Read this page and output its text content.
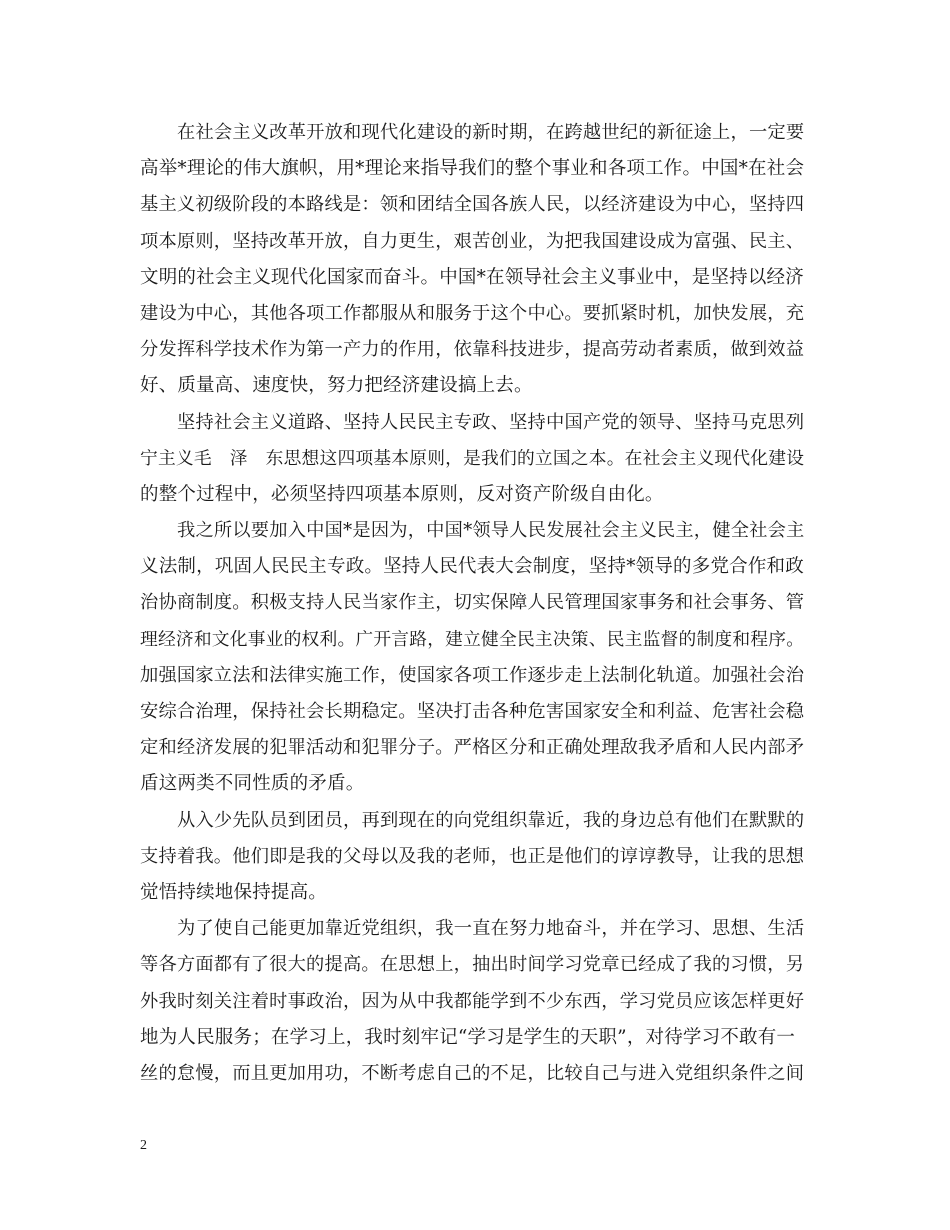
在社会主义改革开放和现代化建设的新时期，在跨越世纪的新征途上，一定要
高举*理论的伟大旗帜，用*理论来指导我们的整个事业和各项工作。中国*在社会
基主义初级阶段的本路线是：领和团结全国各族人民，以经济建设为中心，坚持四
项本原则，坚持改革开放，自力更生，艰苦创业，为把我国建设成为富强、民主、
文明的社会主义现代化国家而奋斗。中国*在领导社会主义事业中，是坚持以经济
建设为中心，其他各项工作都服从和服务于这个中心。要抓紧时机，加快发展，充
分发挥科学技术作为第一产力的作用，依靠科技进步，提高劳动者素质，做到效益
好、质量高、速度快，努力把经济建设搞上去。
坚持社会主义道路、坚持人民民主专政、坚持中国产党的领导、坚持马克思列
宁主义毛　泽　东思想这四项基本原则，是我们的立国之本。在社会主义现代化建设
的整个过程中，必须坚持四项基本原则，反对资产阶级自由化。
我之所以要加入中国*是因为，中国*领导人民发展社会主义民主，健全社会主
义法制，巩固人民民主专政。坚持人民代表大会制度，坚持*领导的多党合作和政
治协商制度。积极支持人民当家作主，切实保障人民管理国家事务和社会事务、管
理经济和文化事业的权利。广开言路，建立健全民主决策、民主监督的制度和程序。
加强国家立法和法律实施工作，使国家各项工作逐步走上法制化轨道。加强社会治
安综合治理，保持社会长期稳定。坚决打击各种危害国家安全和利益、危害社会稳
定和经济发展的犯罪活动和犯罪分子。严格区分和正确处理敌我矛盾和人民内部矛
盾这两类不同性质的矛盾。
从入少先队员到团员，再到现在的向党组织靠近，我的身边总有他们在默默的
支持着我。他们即是我的父母以及我的老师，也正是他们的谆谆教导，让我的思想
觉悟持续地保持提高。
为了使自己能更加靠近党组织，我一直在努力地奋斗，并在学习、思想、生活
等各方面都有了很大的提高。在思想上，抽出时间学习党章已经成了我的习惯，另
外我时刻关注着时事政治，因为从中我都能学到不少东西，学习党员应该怎样更好
地为人民服务；在学习上，我时刻牢记“学习是学生的天职”，对待学习不敢有一
丝的怠慢，而且更加用功，不断考虑自己的不足，比较自己与进入党组织条件之间
2
